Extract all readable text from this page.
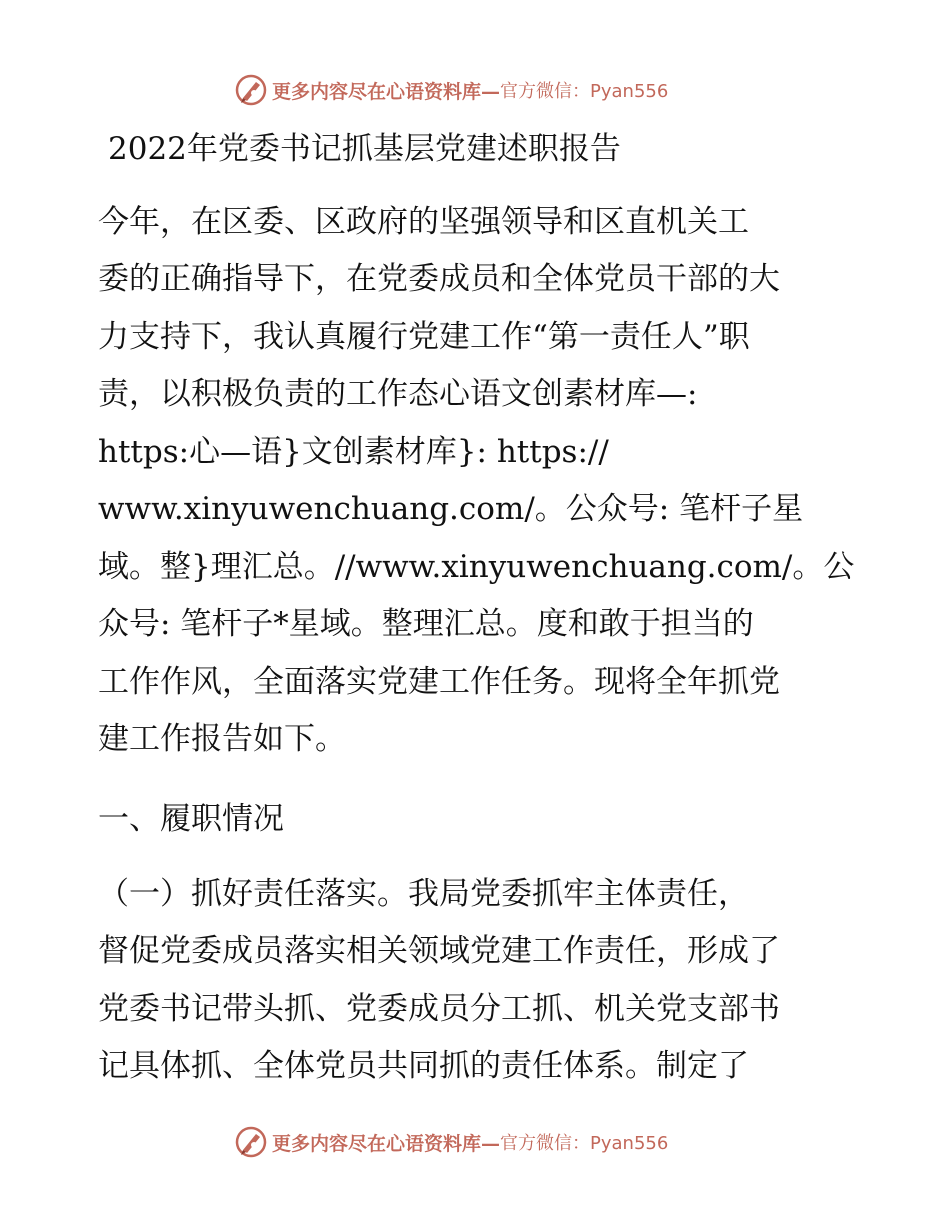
更多内容尽在心语资料库— 官方微信：Pyan556
2022年党委书记抓基层党建述职报告

今年，在区委、区政府的坚强领导和区直机关工

委的正确指导下，在党委成员和全体党员干部的大

力支持下，我认真履行党建工作“第一责任人”职

责，以积极负责的工作态心语文创素材库—:

https:心—语}文创素材库}: https://

www.xinyuwenchuang.com/。公众号: 笔杆子星

域。整}理汇总。//www.xinyuwenchuang.com/。公

众号: 笔杆子*星域。整理汇总。度和敢于担当的

工作作风，全面落实党建工作任务。现将全年抓党

建工作报告如下。

一、履职情况

（一）抓好责任落实。我局党委抓牢主体责任，

督促党委成员落实相关领域党建工作责任，形成了

党委书记带头抓、党委成员分工抓、机关党支部书

记具体抓、全体党员共同抓的责任体系。制定了

更多内容尽在心语资料库— 官方微信：Pyan556
